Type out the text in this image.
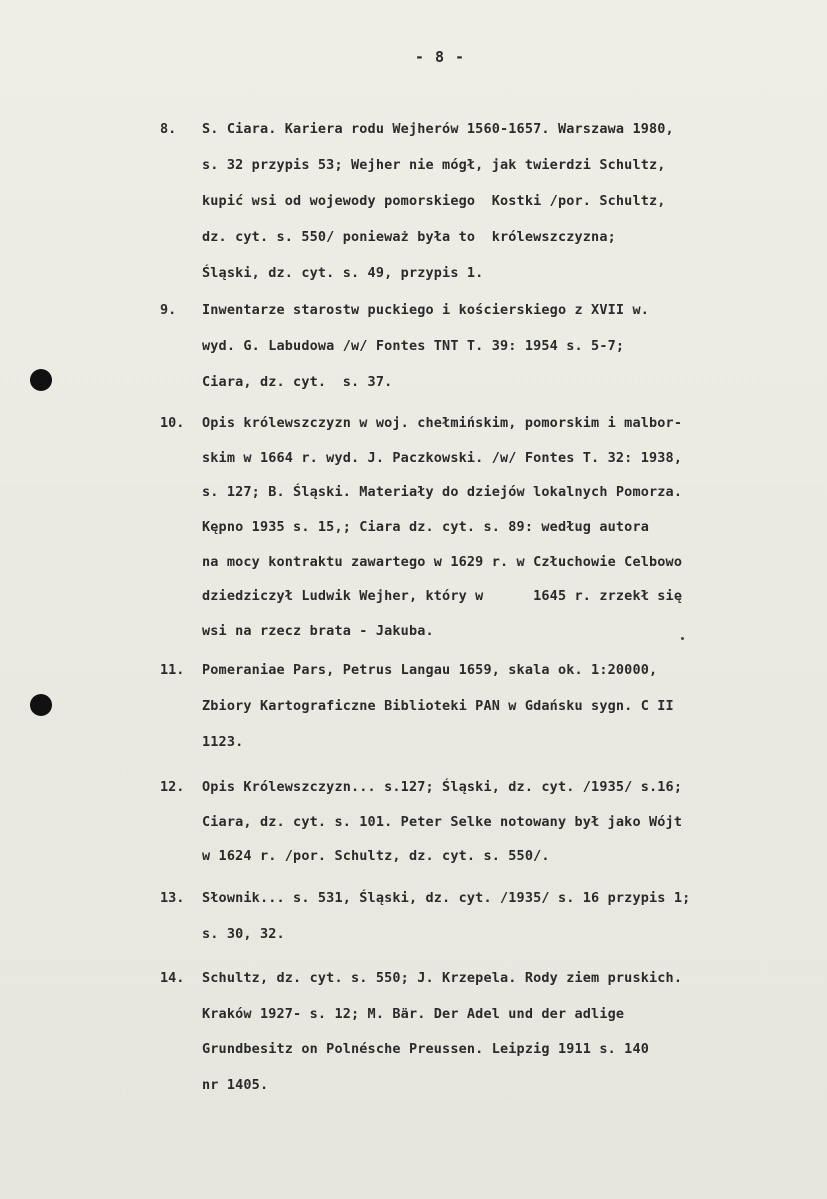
- 8 -
8.	S. Ciara. Kariera rodu Wejherów 1560-1657. Warszawa 1980,
s. 32 przypis 53; Wejher nie mógł, jak twierdzi Schultz,
kupić wsi od wojewody pomorskiego  Kostki /por. Schultz,
dz. cyt. s. 550/ ponieważ była to  królewszczyzna;
Śląski, dz. cyt. s. 49, przypis 1.
9.	Inwentarze starostw puckiego i kościerskiego z XVII w.
wyd. G. Labudowa /w/ Fontes TNT T. 39: 1954 s. 5-7;
Ciara, dz. cyt.  s. 37.
10.	Opis królewszczyzn w woj. chełmińskim, pomorskim i malbor-
skim w 1664 r. wyd. J. Paczkowski. /w/ Fontes T. 32: 1938,
s. 127; B. Śląski. Materiały do dziejów lokalnych Pomorza.
Kępno 1935 s. 15,; Ciara dz. cyt. s. 89: według autora
na mocy kontraktu zawartego w 1629 r. w Człuchowie Celbowo
dziedziczył Ludwik Wejher, który w      1645 r. zrzekł się
wsi na rzecz brata - Jakuba.
11.	Pomeraniae Pars, Petrus Langau 1659, skala ok. 1:20000,
Zbiory Kartograficzne Biblioteki PAN w Gdańsku sygn. C II
1123.
12.	Opis Królewszczyzn... s.127; Śląski, dz. cyt. /1935/ s.16;
Ciara, dz. cyt. s. 101. Peter Selke notowany był jako Wójt
w 1624 r. /por. Schultz, dz. cyt. s. 550/.
13.	Słownik... s. 531, Śląski, dz. cyt. /1935/ s. 16 przypis 1;
s. 30, 32.
14.	Schultz, dz. cyt. s. 550; J. Krzepela. Rody ziem pruskich.
Kraków 1927- s. 12; M. Bär. Der Adel und der adlige
Grundbesitz on Polnésche Preussen. Leipzig 1911 s. 140
nr 1405.
